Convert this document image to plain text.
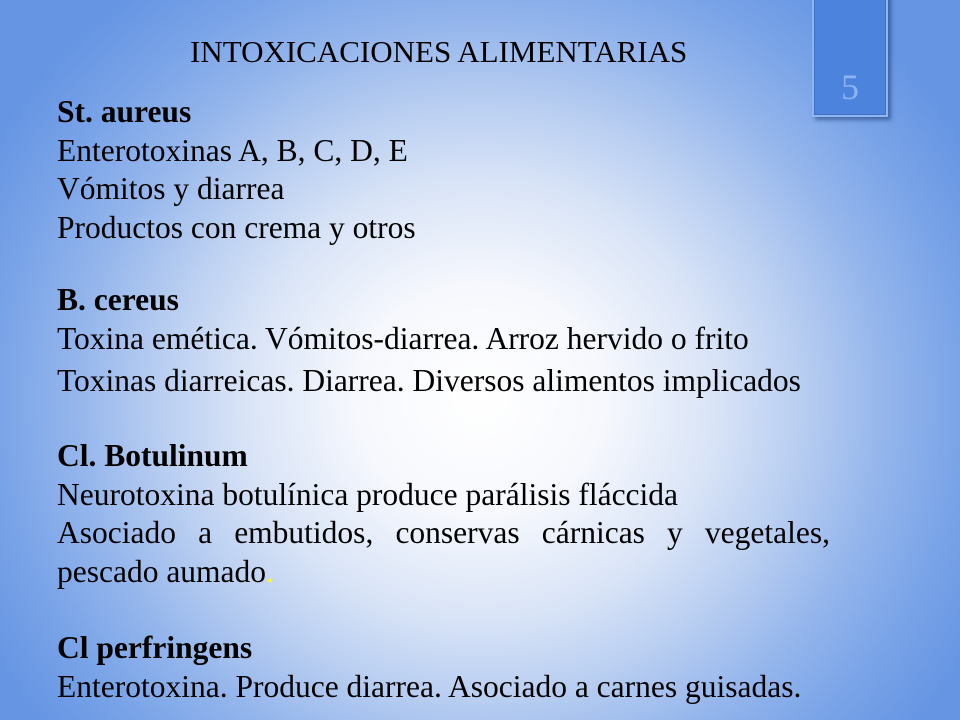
INTOXICACIONES ALIMENTARIAS
5
St. aureus
Enterotoxinas A, B, C, D, E
Vómitos y diarrea
Productos con crema y otros
B. cereus
Toxina emética. Vómitos-diarrea. Arroz hervido o frito
Toxinas diarreicas. Diarrea. Diversos alimentos implicados
Cl. Botulinum
Neurotoxina botulínica produce parálisis fláccida
Asociado a embutidos, conservas cárnicas y vegetales, pescado aumado.
Cl perfringens
Enterotoxina. Produce diarrea. Asociado a carnes guisadas.
